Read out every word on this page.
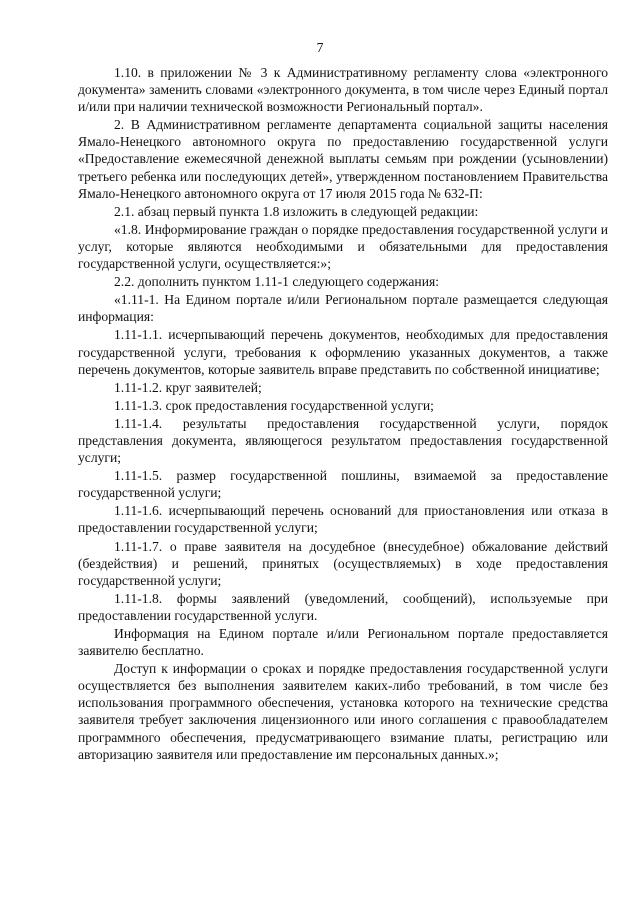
7

1.10. в приложении № 3 к Административному регламенту слова «электронного документа» заменить словами «электронного документа, в том числе через Единый портал и/или при наличии технической возможности Региональный портал».

2. В Административном регламенте департамента социальной защиты населения Ямало-Ненецкого автономного округа по предоставлению государственной услуги «Предоставление ежемесячной денежной выплаты семьям при рождении (усыновлении) третьего ребенка или последующих детей», утвержденном постановлением Правительства Ямало-Ненецкого автономного округа от 17 июля 2015 года № 632-П:

2.1. абзац первый пункта 1.8 изложить в следующей редакции:

«1.8. Информирование граждан о порядке предоставления государственной услуги и услуг, которые являются необходимыми и обязательными для предоставления государственной услуги, осуществляется:»;

2.2. дополнить пунктом 1.11-1 следующего содержания:

«1.11-1. На Едином портале и/или Региональном портале размещается следующая информация:

1.11-1.1. исчерпывающий перечень документов, необходимых для предоставления государственной услуги, требования к оформлению указанных документов, а также перечень документов, которые заявитель вправе представить по собственной инициативе;

1.11-1.2. круг заявителей;

1.11-1.3. срок предоставления государственной услуги;

1.11-1.4. результаты предоставления государственной услуги, порядок представления документа, являющегося результатом предоставления государственной услуги;

1.11-1.5. размер государственной пошлины, взимаемой за предоставление государственной услуги;

1.11-1.6. исчерпывающий перечень оснований для приостановления или отказа в предоставлении государственной услуги;

1.11-1.7. о праве заявителя на досудебное (внесудебное) обжалование действий (бездействия) и решений, принятых (осуществляемых) в ходе предоставления государственной услуги;

1.11-1.8. формы заявлений (уведомлений, сообщений), используемые при предоставлении государственной услуги.

Информация на Едином портале и/или Региональном портале предоставляется заявителю бесплатно.

Доступ к информации о сроках и порядке предоставления государственной услуги осуществляется без выполнения заявителем каких-либо требований, в том числе без использования программного обеспечения, установка которого на технические средства заявителя требует заключения лицензионного или иного соглашения с правообладателем программного обеспечения, предусматривающего взимание платы, регистрацию или авторизацию заявителя или предоставление им персональных данных.»;
